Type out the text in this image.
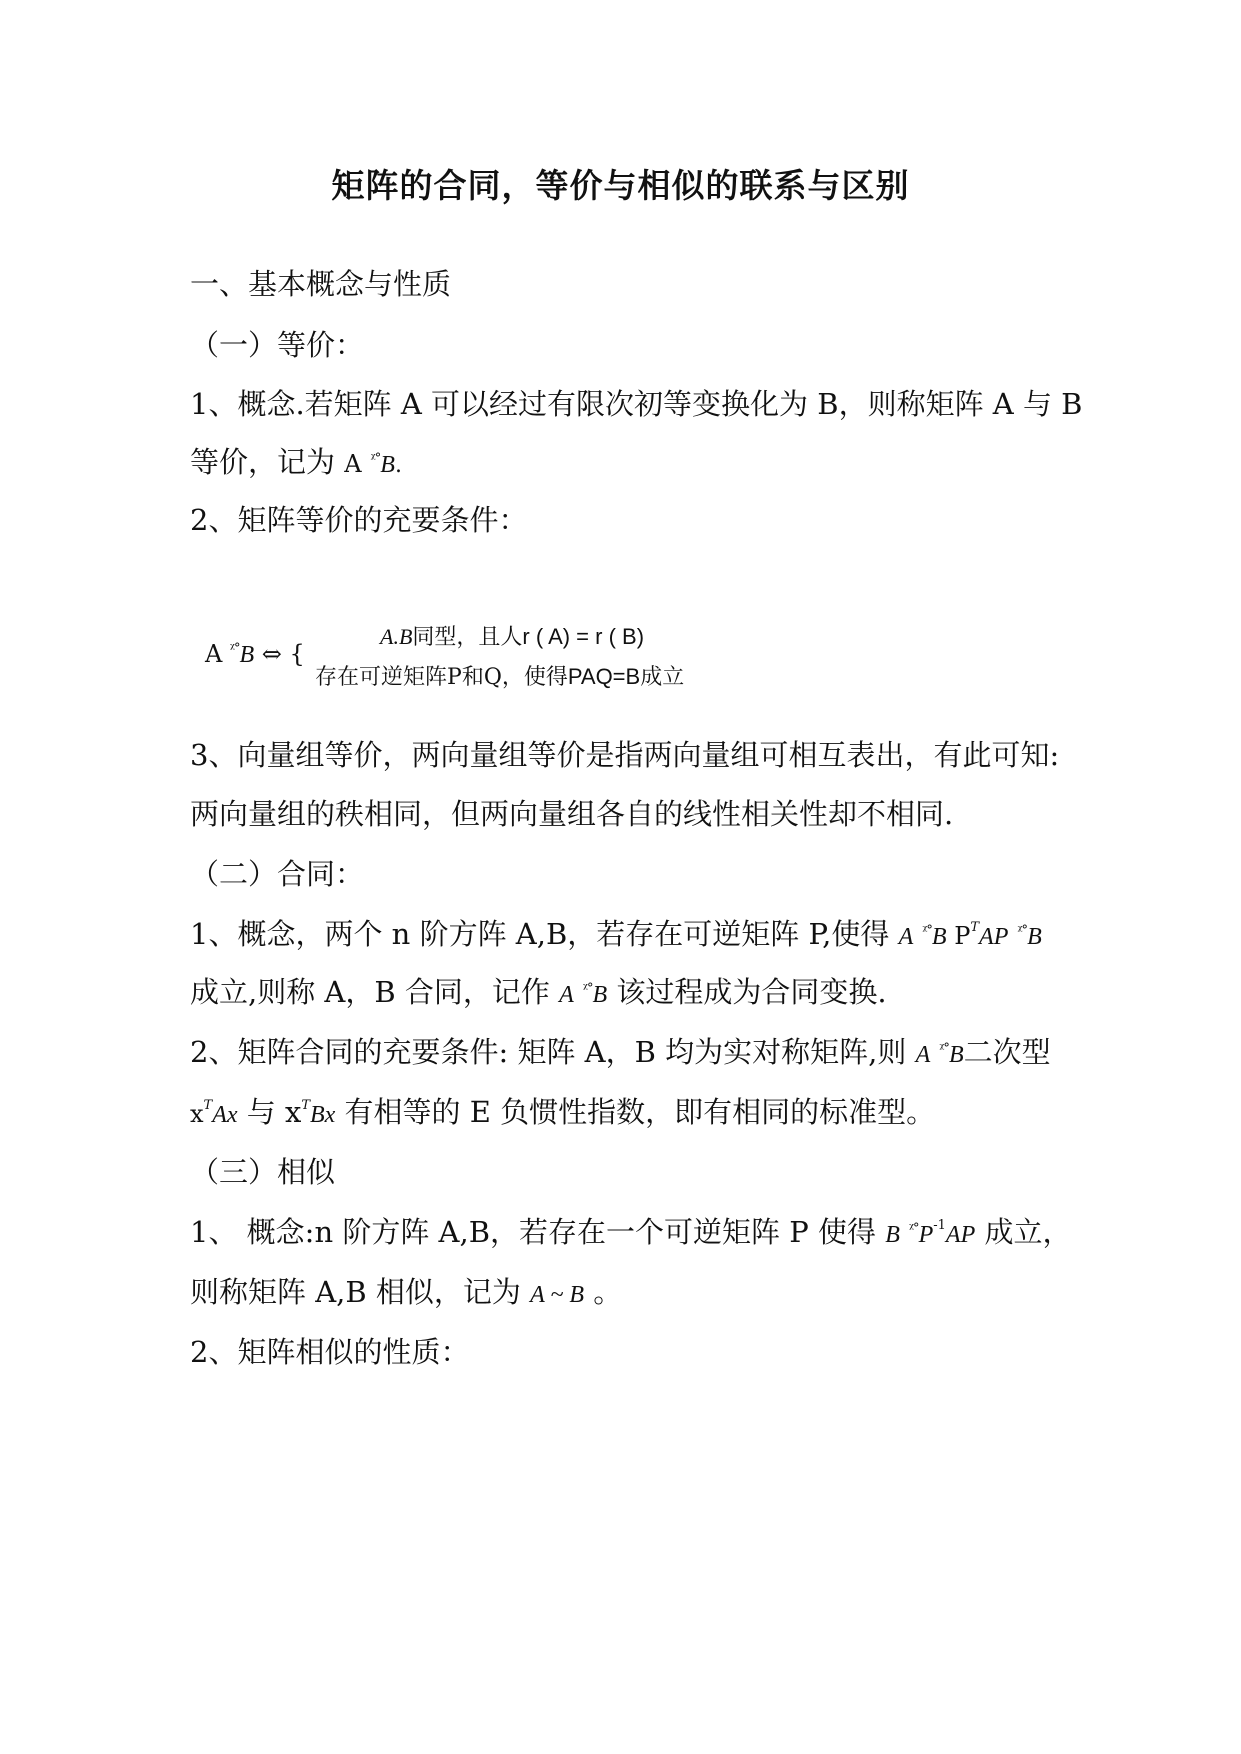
矩阵的合同，等价与相似的联系与区别
一、基本概念与性质
（一）等价：
1、概念.若矩阵 A 可以经过有限次初等变换化为 B，则称矩阵 A 与 B
等价，记为 A $^{ᵡ^\circ}$B.
2、矩阵等价的充要条件：
A $^{ᵡ^\circ}$B ⇔ {
A.B同型，且人r ( A) = r ( B)
存在可逆矩阵P和Q，使得PAQ=B成立
3、向量组等价，两向量组等价是指两向量组可相互表出，有此可知:
两向量组的秩相同，但两向量组各自的线性相关性却不相同.
（二）合同：
1、概念，两个 n 阶方阵 A,B，若存在可逆矩阵 P,使得 A $^{ᵡ^\circ}$B $P^TAP$ $^{ᵡ^\circ}$B
成立,则称 A，B 合同，记作 A $^{ᵡ^\circ}$B 该过程成为合同变换.
2、矩阵合同的充要条件: 矩阵 A，B 均为实对称矩阵,则 A $^{ᵡ^\circ}$B二次型
$x^TAx$ 与 $x^TBx$ 有相等的 E 负惯性指数，即有相同的标准型。
（三）相似
1、 概念:n 阶方阵 A,B，若存在一个可逆矩阵 P 使得 B $^{ᵡ^\circ}P^{-1}AP$ 成立，
则称矩阵 A,B 相似，记为 A ~ B 。
2、矩阵相似的性质：
